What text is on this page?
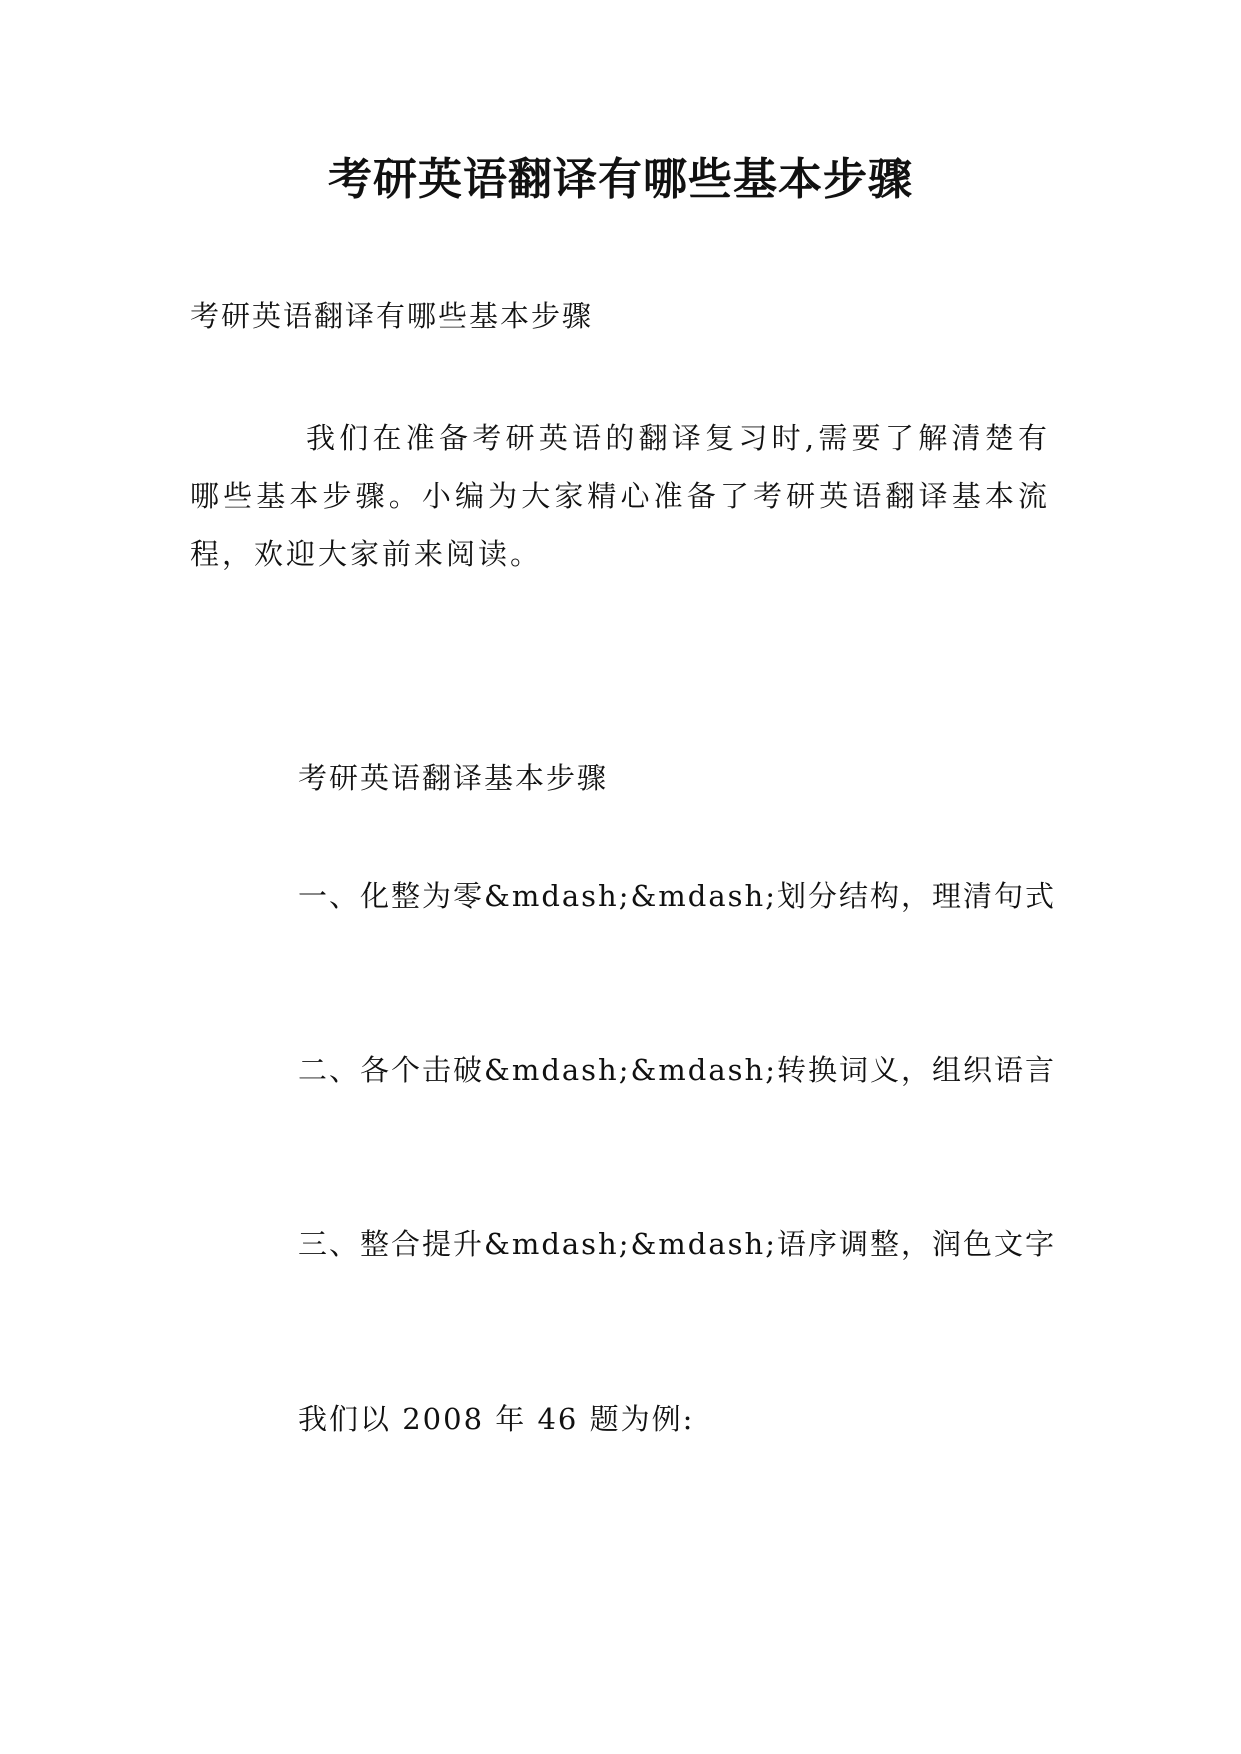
考研英语翻译有哪些基本步骤
考研英语翻译有哪些基本步骤
我们在准备考研英语的翻译复习时,需要了解清楚有哪些基本步骤。小编为大家精心准备了考研英语翻译基本流程，欢迎大家前来阅读。
考研英语翻译基本步骤
一、化整为零&mdash;&mdash;划分结构，理清句式
二、各个击破&mdash;&mdash;转换词义，组织语言
三、整合提升&mdash;&mdash;语序调整，润色文字
我们以 2008 年 46 题为例:
